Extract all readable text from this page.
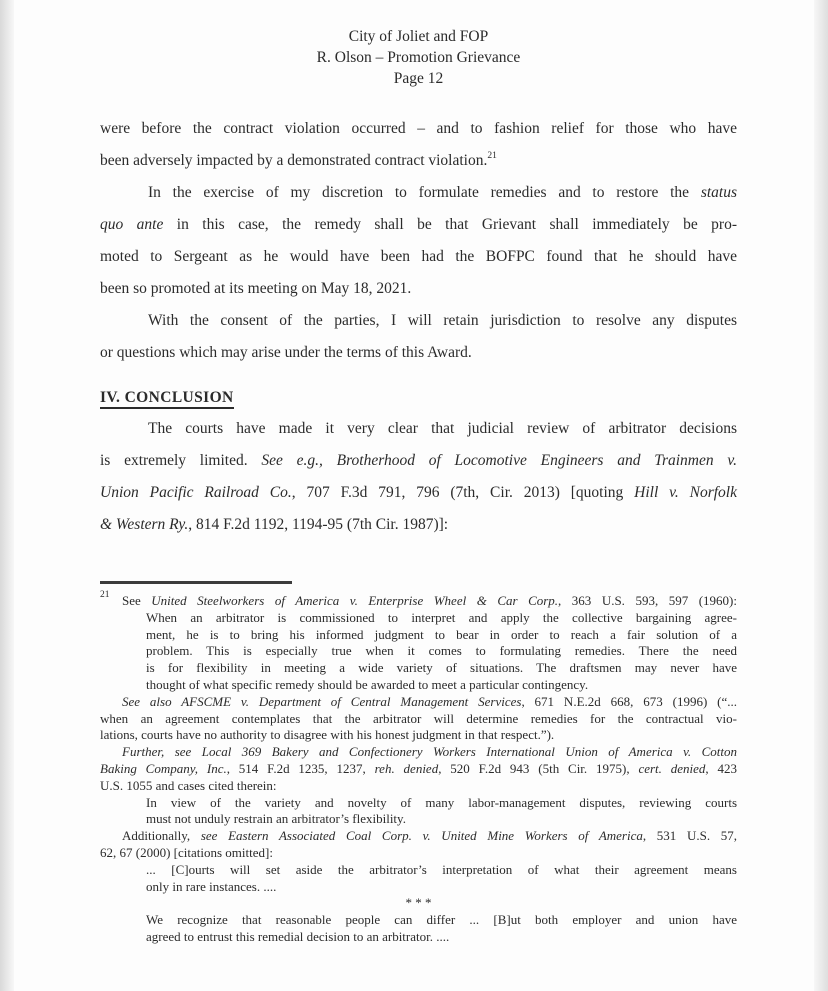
City of Joliet and FOP
R. Olson – Promotion Grievance
Page 12
were before the contract violation occurred – and to fashion relief for those who have
been adversely impacted by a demonstrated contract violation.$^{21}$
In the exercise of my discretion to formulate remedies and to restore the status
quo ante in this case, the remedy shall be that Grievant shall immediately be pro-
moted to Sergeant as he would have been had the BOFPC found that he should have
been so promoted at its meeting on May 18, 2021.
With the consent of the parties, I will retain jurisdiction to resolve any disputes
or questions which may arise under the terms of this Award.
IV. CONCLUSION
The courts have made it very clear that judicial review of arbitrator decisions
is extremely limited. See e.g., Brotherhood of Locomotive Engineers and Trainmen v.
Union Pacific Railroad Co., 707 F.3d 791, 796 (7th, Cir. 2013) [quoting Hill v. Norfolk
& Western Ry., 814 F.2d 1192, 1194-95 (7th Cir. 1987)]:
21 See United Steelworkers of America v. Enterprise Wheel & Car Corp., 363 U.S. 593, 597 (1960):
When an arbitrator is commissioned to interpret and apply the collective bargaining agree-
ment, he is to bring his informed judgment to bear in order to reach a fair solution of a
problem. This is especially true when it comes to formulating remedies. There the need
is for flexibility in meeting a wide variety of situations. The draftsmen may never have
thought of what specific remedy should be awarded to meet a particular contingency.
See also AFSCME v. Department of Central Management Services, 671 N.E.2d 668, 673 (1996) (“...
when an agreement contemplates that the arbitrator will determine remedies for the contractual vio-
lations, courts have no authority to disagree with his honest judgment in that respect.”).
Further, see Local 369 Bakery and Confectionery Workers International Union of America v. Cotton
Baking Company, Inc., 514 F.2d 1235, 1237, reh. denied, 520 F.2d 943 (5th Cir. 1975), cert. denied, 423
U.S. 1055 and cases cited therein:
In view of the variety and novelty of many labor-management disputes, reviewing courts
must not unduly restrain an arbitrator’s flexibility.
Additionally, see Eastern Associated Coal Corp. v. United Mine Workers of America, 531 U.S. 57,
62, 67 (2000) [citations omitted]:
... [C]ourts will set aside the arbitrator’s interpretation of what their agreement means
only in rare instances. ....
* * *
We recognize that reasonable people can differ ... [B]ut both employer and union have
agreed to entrust this remedial decision to an arbitrator. ....
